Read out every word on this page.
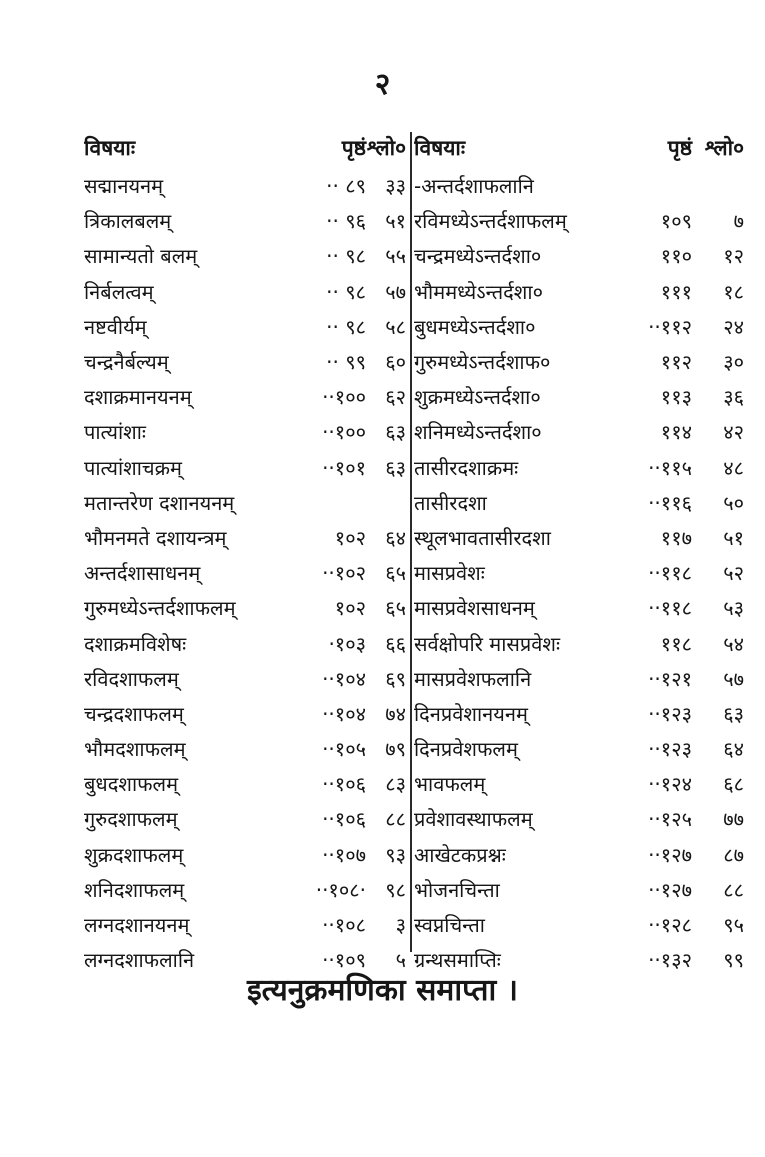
२
विषयाः	पृष्ठं श्लो०
सद्मानयनम्	·· ८९ ३३
त्रिकालबलम्	·· ९६ ५१
सामान्यतो बलम्	·· ९८ ५५
निर्बलत्वम्	·· ९८ ५७
नष्टवीर्यम्	·· ९८ ५८
चन्द्रनैर्बल्यम्	·· ९९ ६०
दशाक्रमानयनम्	··१०० ६२
पात्यांशाः	··१०० ६३
पात्यांशाचक्रम्	··१०१ ६३
मतान्तरेण दशानयनम्
भौमनमते दशायन्त्रम्	१०२ ६४
अन्तर्दशासाधनम्	··१०२ ६५
गुरुमध्येऽन्तर्दशाफलम्	१०२ ६५
दशाक्रमविशेषः	·१०३ ६६
रविदशाफलम्	··१०४ ६९
चन्द्रदशाफलम्	··१०४ ७४
भौमदशाफलम्	··१०५ ७९
बुधदशाफलम्	··१०६ ८३
गुरुदशाफलम्	··१०६ ८८
शुक्रदशाफलम्	··१०७ ९३
शनिदशाफलम्	··१०८· ९८
लग्नदशानयनम्	··१०८	३
लग्नदशाफलानि	··१०९	५
विषयाः	पृष्ठं श्लो०
-अन्तर्दशाफलानि
रविमध्येऽन्तर्दशाफलम्	१०९	७
चन्द्रमध्येऽन्तर्दशा०	११०	१२
भौममध्येऽन्तर्दशा०	१११	१८
बुधमध्येऽन्तर्दशा०	··११२	२४
गुरुमध्येऽन्तर्दशाफ०	११२	३०
शुक्रमध्येऽन्तर्दशा०	११३	३६
शनिमध्येऽन्तर्दशा०	११४	४२
तासीरदशाक्रमः	··११५	४८
तासीरदशा	··११६	५०
स्थूलभावतासीरदशा	११७	५१
मासप्रवेशः	··११८	५२
मासप्रवेशसाधनम्	··११८	५३
सर्वक्षोपरि मासप्रवेशः	११८	५४
मासप्रवेशफलानि	··१२१	५७
दिनप्रवेशानयनम्	··१२३	६३
दिनप्रवेशफलम्	··१२३	६४
भावफलम्	··१२४	६८
प्रवेशावस्थाफलम्	··१२५	७७
आखेटकप्रश्नः	··१२७	८७
भोजनचिन्ता	··१२७	८८
स्वप्नचिन्ता	··१२८	९५
ग्रन्थसमाप्तिः	··१३२	९९
इत्यनुक्रमणिका समाप्ता ।
